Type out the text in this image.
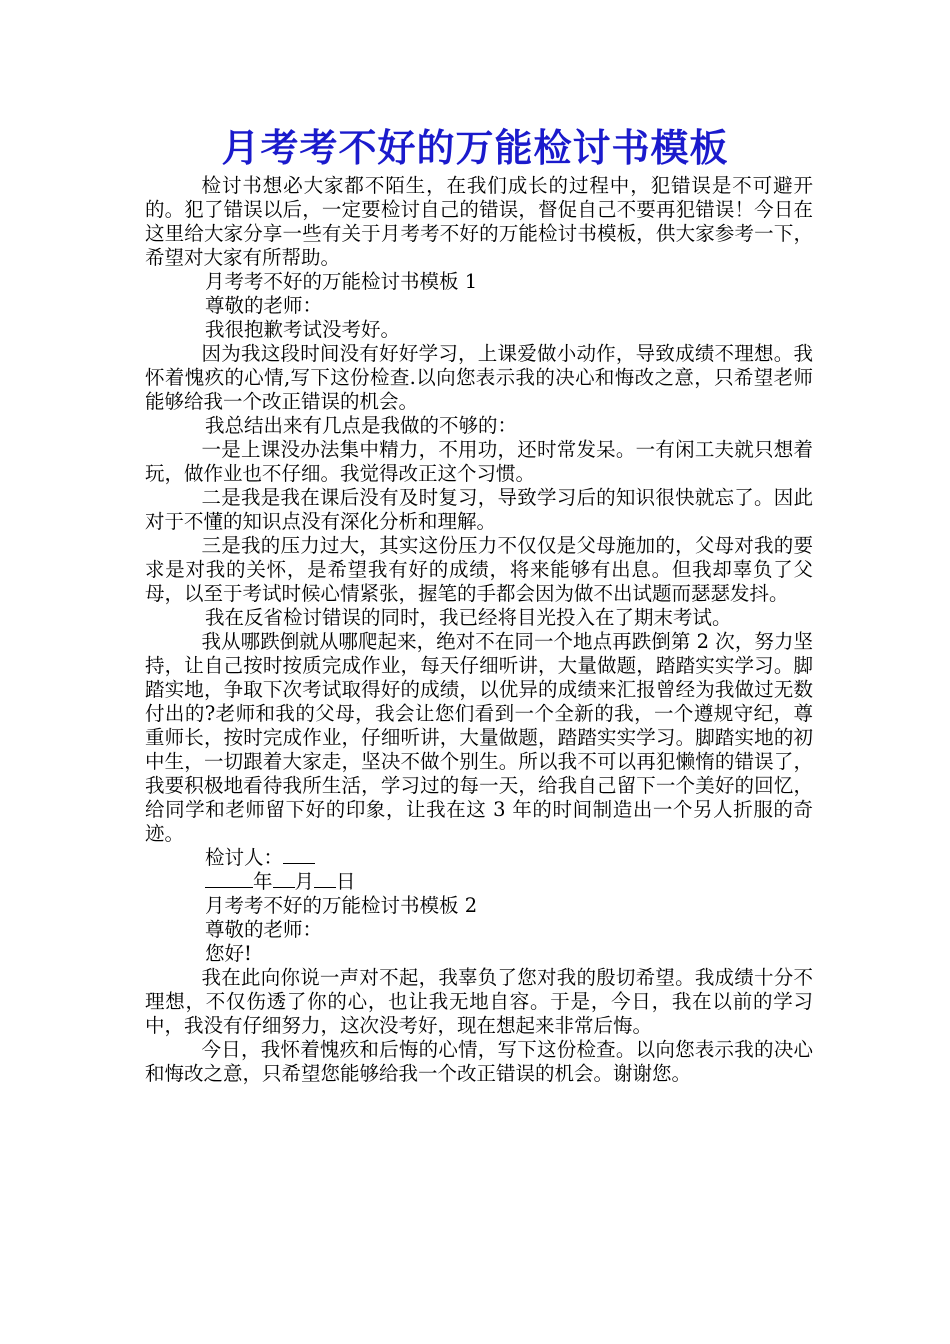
月考考不好的万能检讨书模板

检讨书想必大家都不陌生，在我们成长的过程中，犯错误是不可避开的。犯了错误以后，一定要检讨自己的错误，督促自己不要再犯错误！今日在这里给大家分享一些有关于月考考不好的万能检讨书模板，供大家参考一下，希望对大家有所帮助。

月考考不好的万能检讨书模板 1

尊敬的老师：

我很抱歉考试没考好。

因为我这段时间没有好好学习，上课爱做小动作，导致成绩不理想。我怀着愧疚的心情,写下这份检查.以向您表示我的决心和悔改之意，只希望老师能够给我一个改正错误的机会。

我总结出来有几点是我做的不够的：

一是上课没办法集中精力，不用功，还时常发呆。一有闲工夫就只想着玩，做作业也不仔细。我觉得改正这个习惯。

二是我是我在课后没有及时复习，导致学习后的知识很快就忘了。因此对于不懂的知识点没有深化分析和理解。

三是我的压力过大，其实这份压力不仅仅是父母施加的，父母对我的要求是对我的关怀，是希望我有好的成绩，将来能够有出息。但我却辜负了父母，以至于考试时候心情紧张，握笔的手都会因为做不出试题而瑟瑟发抖。

我在反省检讨错误的同时，我已经将目光投入在了期末考试。

我从哪跌倒就从哪爬起来，绝对不在同一个地点再跌倒第 2 次，努力坚持，让自己按时按质完成作业，每天仔细听讲，大量做题，踏踏实实学习。脚踏实地，争取下次考试取得好的成绩，以优异的成绩来汇报曾经为我做过无数付出的?老师和我的父母，我会让您们看到一个全新的我，一个遵规守纪，尊重师长，按时完成作业，仔细听讲，大量做题，踏踏实实学习。脚踏实地的初中生，一切跟着大家走，坚决不做个别生。所以我不可以再犯懒惰的错误了，我要积极地看待我所生活，学习过的每一天，给我自己留下一个美好的回忆，给同学和老师留下好的印象，让我在这 3 年的时间制造出一个另人折服的奇迹。

检讨人：

年 月 日

月考考不好的万能检讨书模板 2

尊敬的老师：

您好!

我在此向你说一声对不起，我辜负了您对我的殷切希望。我成绩十分不理想，不仅伤透了你的心，也让我无地自容。于是，今日，我在以前的学习中，我没有仔细努力，这次没考好，现在想起来非常后悔。

今日，我怀着愧疚和后悔的心情，写下这份检查。以向您表示我的决心和悔改之意，只希望您能够给我一个改正错误的机会。谢谢您。
